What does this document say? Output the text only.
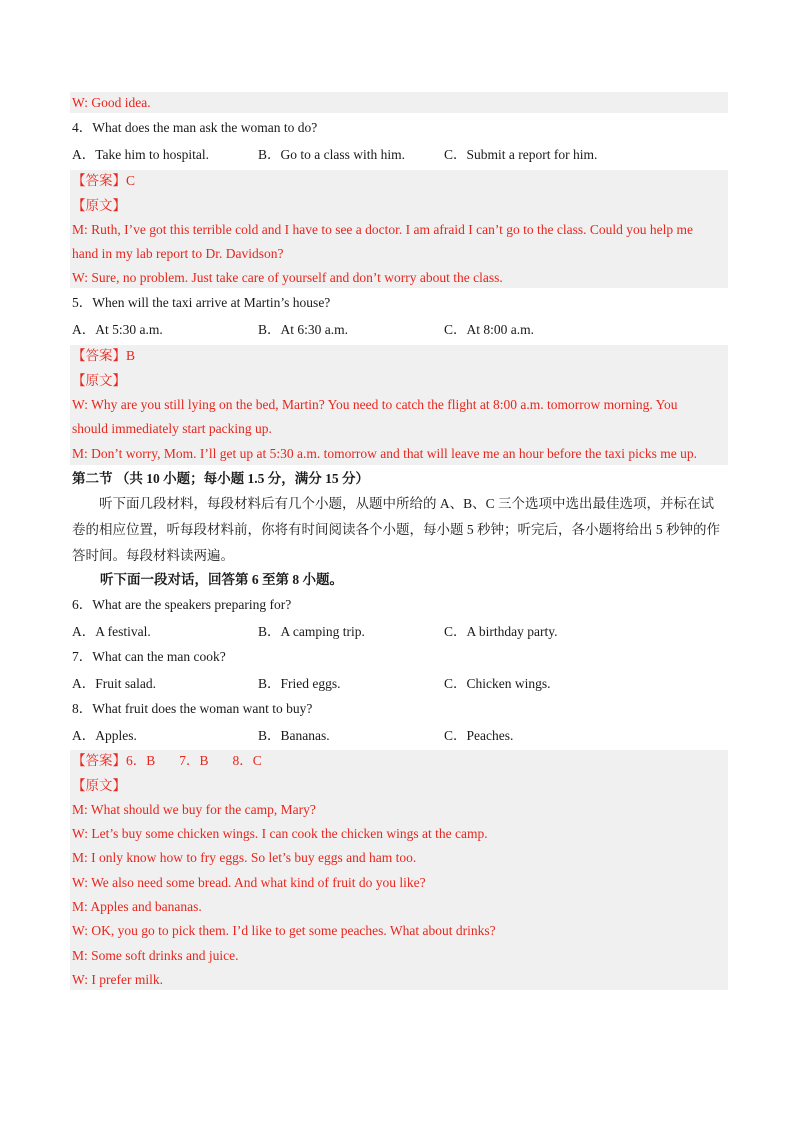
W: Good idea.
4．What does the man ask the woman to do?
A．Take him to hospital.	B．Go to a class with him.	C．Submit a report for him.
【答案】C
【原文】
M: Ruth, I’ve got this terrible cold and I have to see a doctor. I am afraid I can’t go to the class. Could you help me
hand in my lab report to Dr. Davidson?
W: Sure, no problem. Just take care of yourself and don’t worry about the class.
5．When will the taxi arrive at Martin’s house?
A．At 5:30 a.m.	B．At 6:30 a.m.	C．At 8:00 a.m.
【答案】B
【原文】
W: Why are you still lying on the bed, Martin? You need to catch the flight at 8:00 a.m. tomorrow morning. You
should immediately start packing up.
M: Don’t worry, Mom. I’ll get up at 5:30 a.m. tomorrow and that will leave me an hour before the taxi picks me up.
第二节 （共 10 小题；每小题 1.5 分，满分 15 分）
听下面几段材料，每段材料后有几个小题，从题中所给的 A、B、C 三个选项中选出最佳选项，并标在试卷的相应位置，听每段材料前，你将有时间阅读各个小题，每小题 5 秒钟；听完后，各小题将给出 5 秒钟的作答时间。每段材料读两遍。
听下面一段对话，回答第 6 至第 8 小题。
6．What are the speakers preparing for?
A．A festival.	B．A camping trip.	C．A birthday party.
7．What can the man cook?
A．Fruit salad.	B．Fried eggs.	C．Chicken wings.
8．What fruit does the woman want to buy?
A．Apples.	B．Bananas.	C．Peaches.
【答案】6．B 7．B 8．C
【原文】
M: What should we buy for the camp, Mary?
W: Let’s buy some chicken wings. I can cook the chicken wings at the camp.
M: I only know how to fry eggs. So let’s buy eggs and ham too.
W: We also need some bread. And what kind of fruit do you like?
M: Apples and bananas.
W: OK, you go to pick them. I’d like to get some peaches. What about drinks?
M: Some soft drinks and juice.
W: I prefer milk.
